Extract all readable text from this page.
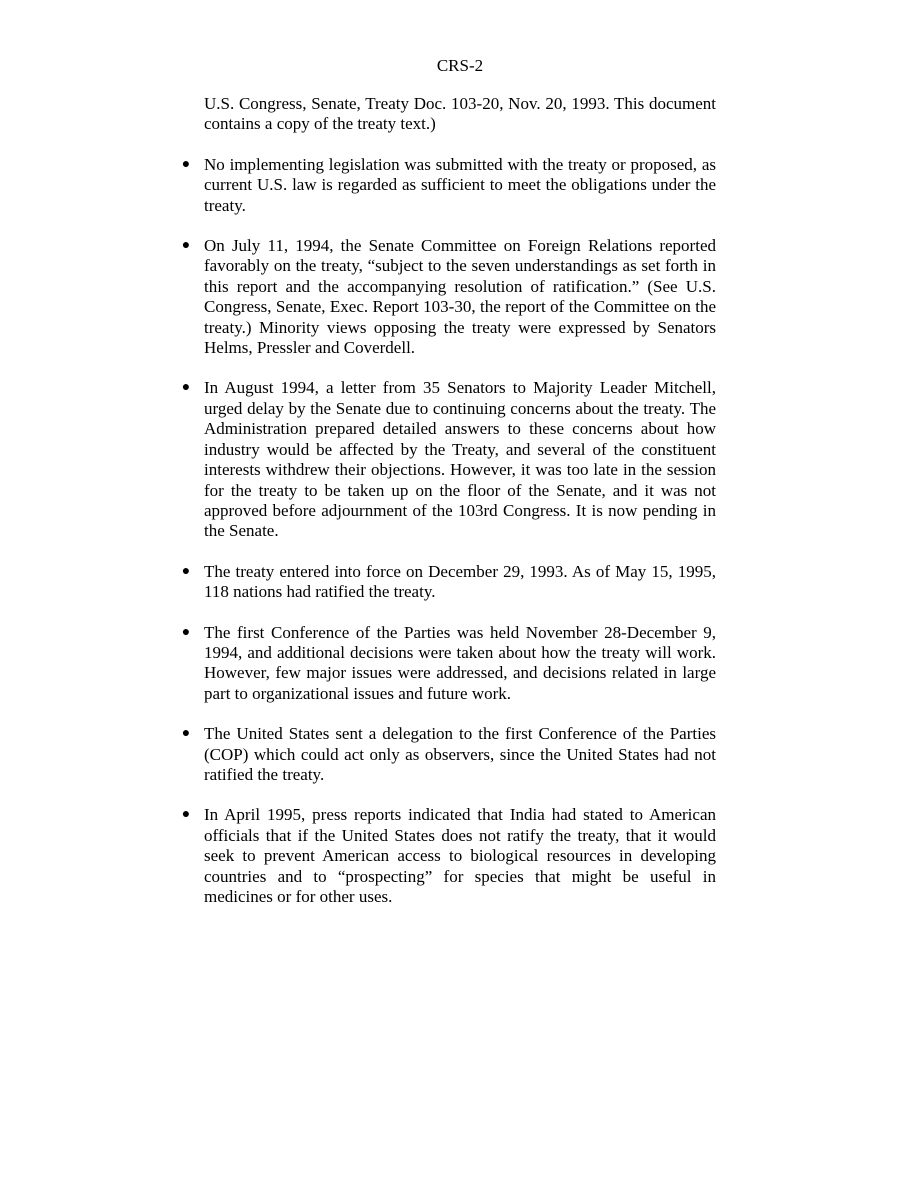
CRS-2

U.S. Congress, Senate, Treaty Doc. 103-20, Nov. 20, 1993. This document contains a copy of the treaty text.)

● No implementing legislation was submitted with the treaty or proposed, as current U.S. law is regarded as sufficient to meet the obligations under the treaty.

● On July 11, 1994, the Senate Committee on Foreign Relations reported favorably on the treaty, “subject to the seven understandings as set forth in this report and the accompanying resolution of ratification.” (See U.S. Congress, Senate, Exec. Report 103-30, the report of the Committee on the treaty.) Minority views opposing the treaty were expressed by Senators Helms, Pressler and Coverdell.

● In August 1994, a letter from 35 Senators to Majority Leader Mitchell, urged delay by the Senate due to continuing concerns about the treaty. The Administration prepared detailed answers to these concerns about how industry would be affected by the Treaty, and several of the constituent interests withdrew their objections. However, it was too late in the session for the treaty to be taken up on the floor of the Senate, and it was not approved before adjournment of the 103rd Congress. It is now pending in the Senate.

● The treaty entered into force on December 29, 1993. As of May 15, 1995, 118 nations had ratified the treaty.

● The first Conference of the Parties was held November 28-December 9, 1994, and additional decisions were taken about how the treaty will work. However, few major issues were addressed, and decisions related in large part to organizational issues and future work.

● The United States sent a delegation to the first Conference of the Parties (COP) which could act only as observers, since the United States had not ratified the treaty.

● In April 1995, press reports indicated that India had stated to American officials that if the United States does not ratify the treaty, that it would seek to prevent American access to biological resources in developing countries and to “prospecting” for species that might be useful in medicines or for other uses.
